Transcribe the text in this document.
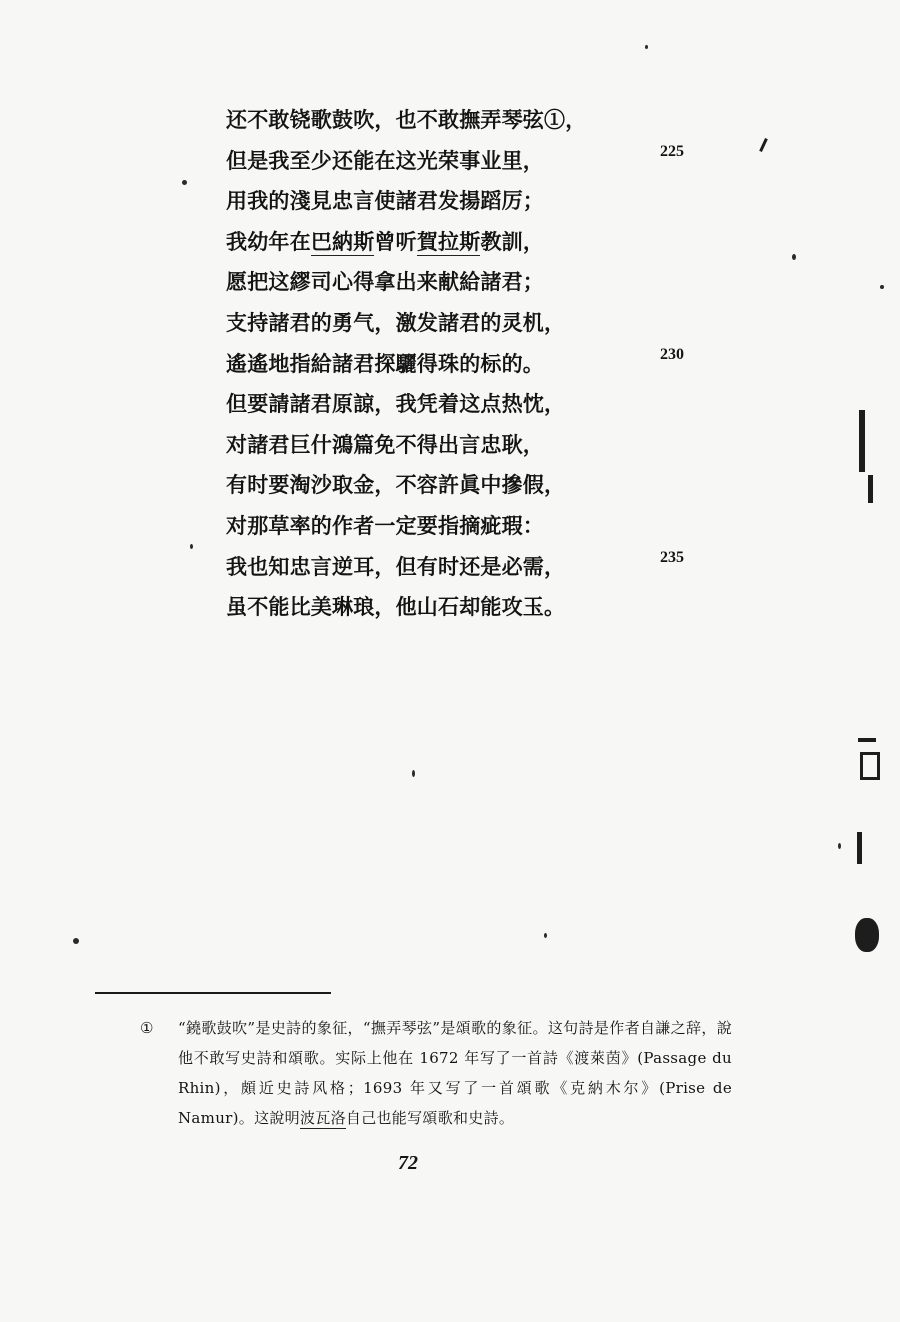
还不敢铙歌鼓吹，也不敢撫弄琴弦①，
但是我至少还能在这光荣事业里，
用我的淺見忠言使諸君发揚蹈厉；
我幼年在巴納斯曾听賀拉斯教訓，
愿把这繆司心得拿出来献給諸君；
支持諸君的勇气，激发諸君的灵机，
遙遙地指給諸君探驪得珠的标的。
但要請諸君原諒，我凭着这点热忱，
对諸君巨什鴻篇免不得出言忠耿，
有时要淘沙取金，不容許眞中摻假，
对那草率的作者一定要指摘疵瑕：
我也知忠言逆耳，但有时还是必需，
虽不能比美琳琅，他山石却能攻玉。
225
230
235
① “鐃歌鼓吹”是史詩的象征，“撫弄琴弦”是頌歌的象征。这句詩是作者自謙之辞，說他不敢写史詩和頌歌。实际上他在 1672 年写了一首詩《渡萊茵》(Passage du Rhin)，頗近史詩风格；1693 年又写了一首頌歌《克納木尔》(Prise de Namur)。这說明波瓦洛自己也能写頌歌和史詩。
72
